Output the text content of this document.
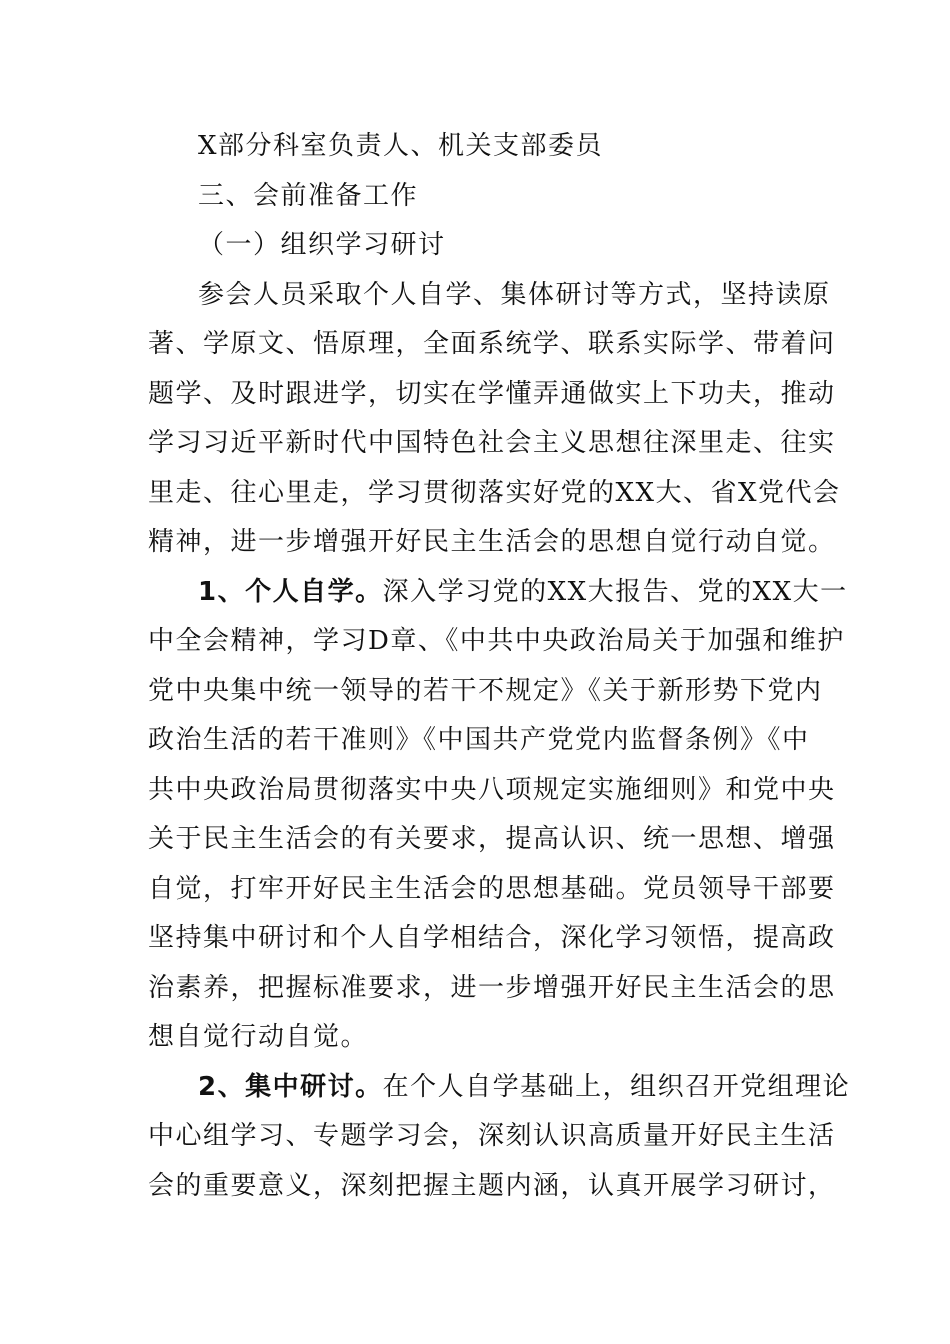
X部分科室负责人、机关支部委员
三、会前准备工作
（一）组织学习研讨
参会人员采取个人自学、集体研讨等方式，坚持读原
著、学原文、悟原理，全面系统学、联系实际学、带着问
题学、及时跟进学，切实在学懂弄通做实上下功夫，推动
学习习近平新时代中国特色社会主义思想往深里走、往实
里走、往心里走，学习贯彻落实好党的XX大、省X党代会
精神，进一步增强开好民主生活会的思想自觉行动自觉。
1、个人自学。深入学习党的XX大报告、党的XX大一
中全会精神，学习D章、《中共中央政治局关于加强和维护
党中央集中统一领导的若干不规定》《关于新形势下党内
政治生活的若干准则》《中国共产党党内监督条例》《中
共中央政治局贯彻落实中央八项规定实施细则》和党中央
关于民主生活会的有关要求，提高认识、统一思想、增强
自觉，打牢开好民主生活会的思想基础。党员领导干部要
坚持集中研讨和个人自学相结合，深化学习领悟，提高政
治素养，把握标准要求，进一步增强开好民主生活会的思
想自觉行动自觉。
2、集中研讨。在个人自学基础上，组织召开党组理论
中心组学习、专题学习会，深刻认识高质量开好民主生活
会的重要意义，深刻把握主题内涵，认真开展学习研讨，
